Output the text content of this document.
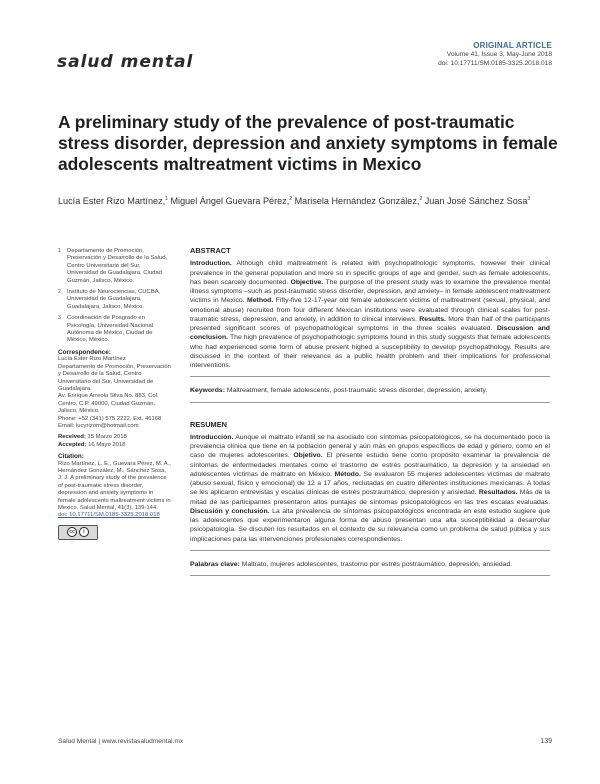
salud mental
ORIGINAL ARTICLE
Volume 41, Issue 3, May-June 2018
doi: 10.17711/SM.0185-3325.2018.018
A preliminary study of the prevalence of post-traumatic stress disorder, depression and anxiety symptoms in female adolescents maltreatment victims in Mexico
Lucía Ester Rizo Martínez,$^1$ Miguel Ángel Guevara Pérez,$^2$ Marisela Hernández González,$^2$ Juan José Sánchez Sosa$^3$
1	Departamento de Promoción, Preservación y Desarrollo de la Salud, Centro Universitario del Sur, Universidad de Guadalajara, Ciudad Guzmán, Jalisco, México.
2	Instituto de Neurociencias, CUCBA, Universidad de Guadalajara, Guadalajara, Jalisco, México.
3	Coordinación de Posgrado en Psicología, Universidad Nacional Autónoma de México, Ciudad de México, México.
Correspondence:
Lucía Ester Rizo Martínez
Departamento de Promoción, Preservación y Desarrollo de la Salud, Centro Universitario del Sur, Universidad de Guadalajara.
Av. Enrique Arreola Silva No. 883, Col. Centro, C.P. 49000, Ciudad Guzmán, Jalisco, México.
Phone: +52 (341) 575 2222, Ext. 46168
Email: lucyrizom@hotmail.com
Received: 15 Marzo 2018
Accepted: 16 Mayo 2018
Citation:
Rizo Martínez, L. E., Guevara Pérez, M. A., Hernández González, M., Sánchez Sosa, J. J. A preliminary study of the prevalence of post-traumatic stress disorder, depression and anxiety symptoms in female adolescents maltreatment victims in Mexico. Salud Mental, 41(3), 139-144.
doi: 10.17711/SM.0185-3325.2018.018
cc	i
ABSTRACT

Introduction. Although child maltreatment is related with psychopathologic symptoms, however their clinical prevalence in the general population and more so in specific groups of age and gender, such as female adolescents, has been scarcely documented. Objective. The purpose of the present study was to examine the prevalence mental illness symptoms –such as post-traumatic stress disorder, depression, and anxiety– in female adolescent maltreatment victims in Mexico. Method. Fifty-five 12-17-year old female adolescent victims of maltreatment (sexual, physical, and emotional abuse) recruited from four different Mexican institutions were evaluated through clinical scales for post-traumatic stress, depression, and anxiety, in addition to clinical interviews. Results. More than half of the participants presented significant scores of psychopathological symptoms in the three scales evaluated. Discussion and conclusion. The high prevalence of psychopathologic symptoms found in this study suggests that female adolescents who had experienced some form of abuse present highed a susceptibility to develop psychopathology. Results are discussed in the context of their relevance as a public health problem and their implications for professional interventions.

Keywords: Maltreatment, female adolescents, post-traumatic stress disorder, depression, anxiety.

RESUMEN

Introducción. Aunque el maltrato infantil se ha asociado con síntomas psicopatológicos, se ha documentado poco la prevalencia clínica que tiene en la población general y aún más en grupos específicos de edad y género, como en el caso de mujeres adolescentes. Objetivo. El presente estudio tiene como propósito examinar la prevalencia de síntomas de enfermedades mentales como el trastorno de estrés postraumático, la depresión y la ansiedad en adolescentes víctimas de maltrato en México. Método. Se evaluaron 55 mujeres adolescentes víctimas de maltrato (abuso sexual, físico y emocional) de 12 a 17 años, reclutadas en cuatro diferentes instituciones mexicanas. A todas se les aplicaron entrevistas y escalas clínicas de estrés postraumático, depresión y ansiedad. Resultados. Más de la mitad de las participantes presentaron altos puntajes de síntomas psicopatológicos en las tres escalas evaluadas. Discusión y conclusión. La alta prevalencia de síntomas psicopatológicos encontrada en este estudio sugiere que las adolescentes que experimentaron alguna forma de abuso presentan una alta susceptibilidad a desarrollar psicopatología. Se discuten los resultados en el contexto de su relevancia como un problema de salud pública y sus implicaciones para las intervenciones profesionales correspondientes.

Palabras clave: Maltrato, mujeres adolescentes, trastorno por estrés postraumático, depresión, ansiedad.

Salud Mental | www.revistasaludmental.mx	139
